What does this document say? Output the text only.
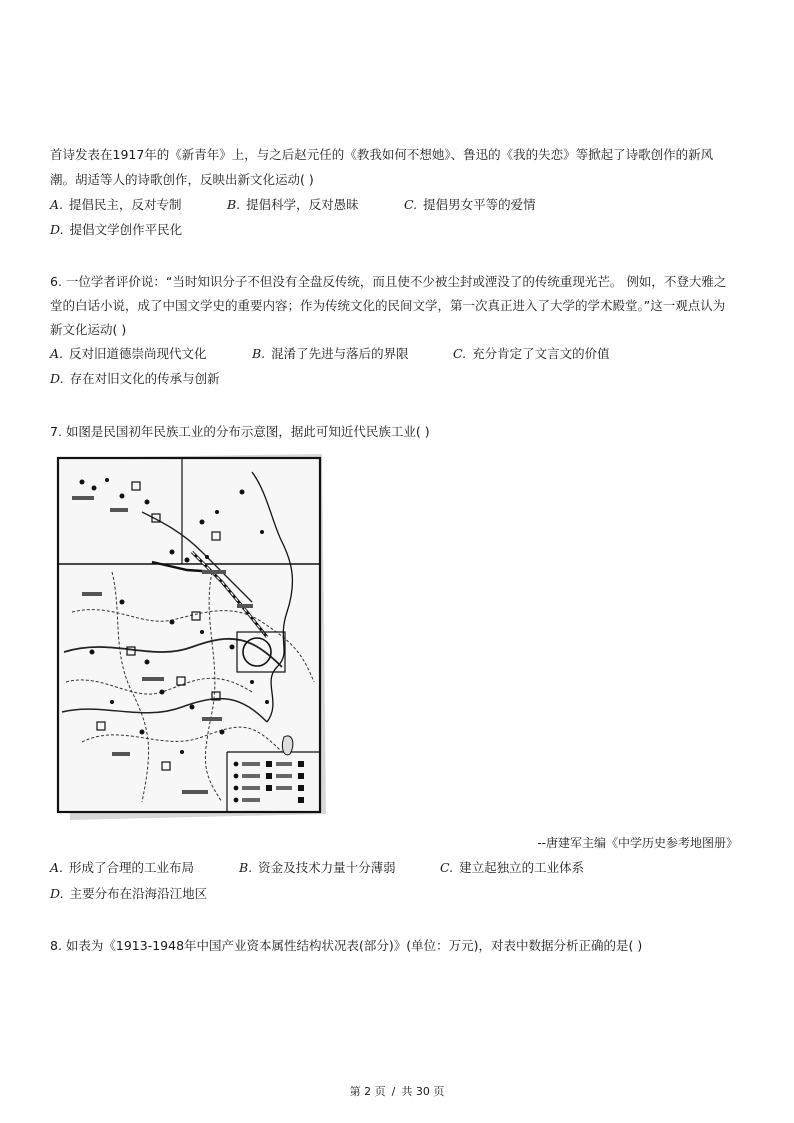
首诗发表在1917年的《新青年》上，与之后赵元任的《教我如何不想她》、鲁迅的《我的失恋》等掀起了诗歌创作的新风
潮。胡适等人的诗歌创作，反映出新文化运动( )
A. 提倡民主，反对专制	B. 提倡科学，反对愚昧	C. 提倡男女平等的爱情
D. 提倡文学创作平民化
6. 一位学者评价说：“当时知识分子不但没有全盘反传统，而且使不少被尘封或湮没了的传统重现光芒。 例如，不登大雅之
堂的白话小说，成了中国文学史的重要内容；作为传统文化的民间文学，第一次真正进入了大学的学术殿堂。”这一观点认为
新文化运动( )
A. 反对旧道德崇尚现代文化	B. 混淆了先进与落后的界限	C. 充分肯定了文言文的价值
D. 存在对旧文化的传承与创新
7. 如图是民国初年民族工业的分布示意图，据此可知近代民族工业( )
--唐建军主编《中学历史参考地图册》
A. 形成了合理的工业布局	B. 资金及技术力量十分薄弱	C. 建立起独立的工业体系
D. 主要分布在沿海沿江地区
8. 如表为《1913-1948年中国产业资本属性结构状况表(部分)》(单位：万元)，对表中数据分析正确的是( )
第 2 页 / 共 30 页
